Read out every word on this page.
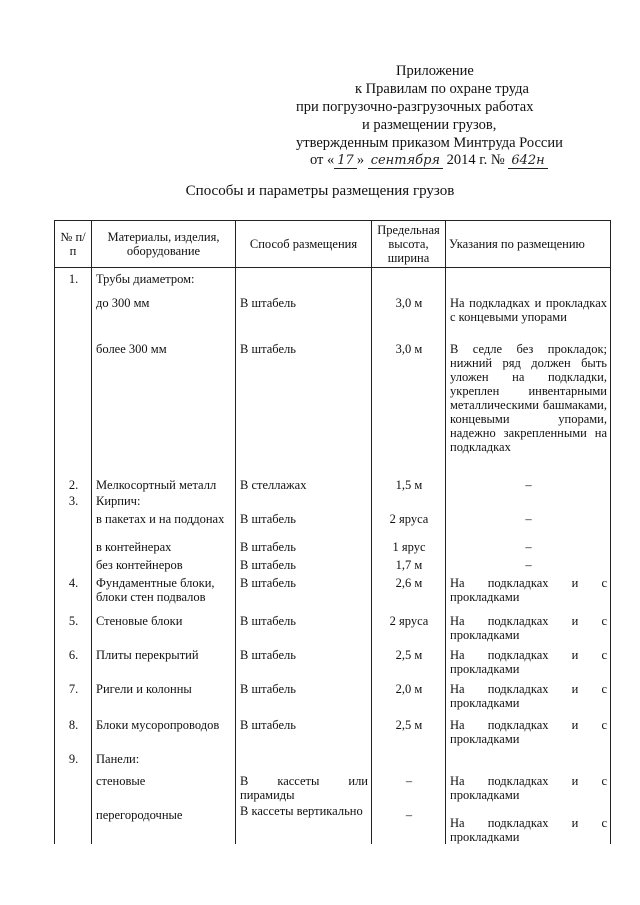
Приложение
к Правилам по охране труда
при погрузочно-разгрузочных работах
и размещении грузов,
утвержденным приказом Минтруда России
от « 17 » сентября 2014 г. № 642н
Способы и параметры размещения грузов
№ п/п	Материалы, изделия, оборудование	Способ размещения	Предельная высота, ширина	Указания по размещению
1.	Трубы диаметром:			
	до 300 мм	В штабель	3,0 м	На подкладках и прокладках с концевыми упорами
	более 300 мм	В штабель	3,0 м	В седле без прокладок; нижний ряд должен быть уложен на подкладки, укреплен инвентарными металлическими башмаками, концевыми упорами, надежно закрепленными на подкладках
2.	Мелкосортный металл	В стеллажах	1,5 м	–
3.	Кирпич:			
	в пакетах и на поддонах	В штабель	2 яруса	–
	в контейнерах	В штабель	1 ярус	–
	без контейнеров	В штабель	1,7 м	–
4.	Фундаментные блоки, блоки стен подвалов	В штабель	2,6 м	На подкладках и с прокладками
5.	Стеновые блоки	В штабель	2 яруса	На подкладках и с прокладками
6.	Плиты перекрытий	В штабель	2,5 м	На подкладках и с прокладками
7.	Ригели и колонны	В штабель	2,0 м	На подкладках и с прокладками
8.	Блоки мусоропроводов	В штабель	2,5 м	На подкладках и с прокладками
9.	Панели:			
	стеновые	В кассеты или пирамиды	–	На подкладках и с прокладками
	перегородочные	В кассеты вертикально	–	На подкладках и с прокладками
